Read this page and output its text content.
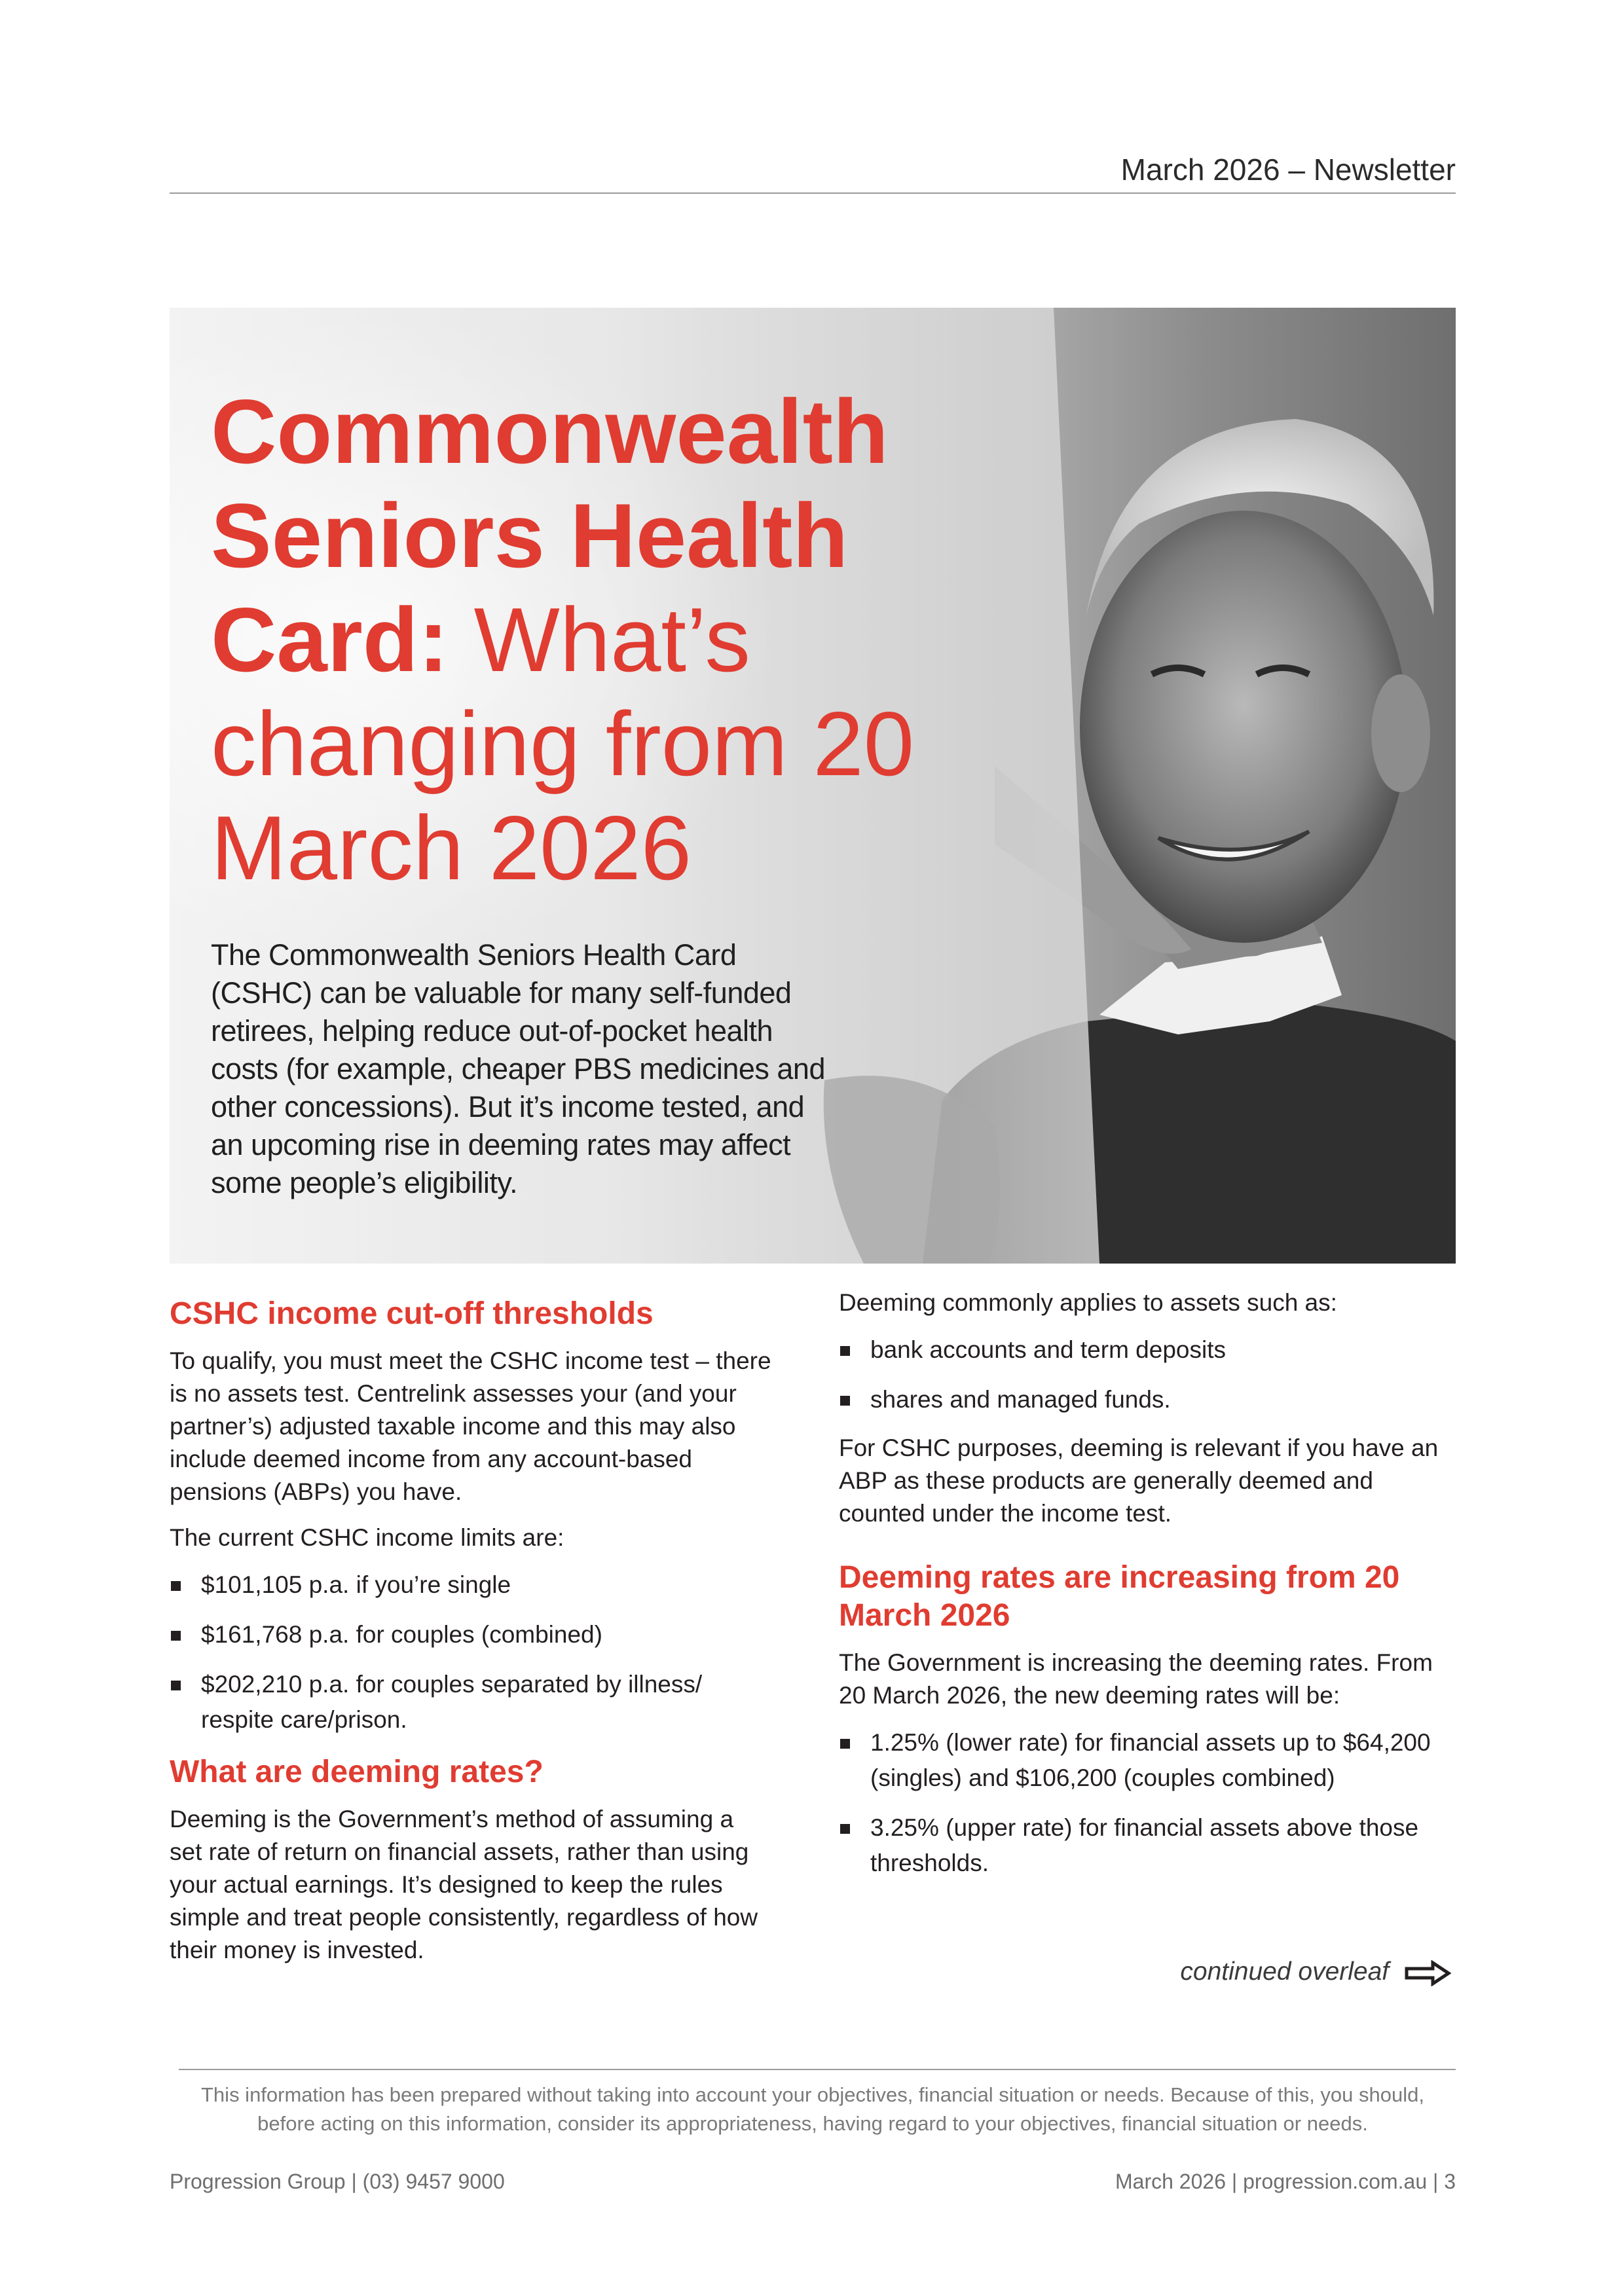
March 2026 – Newsletter
Commonwealth Seniors Health Card: What’s changing from 20 March 2026

The Commonwealth Seniors Health Card (CSHC) can be valuable for many self-funded retirees, helping reduce out-of-pocket health costs (for example, cheaper PBS medicines and other concessions). But it’s income tested, and an upcoming rise in deeming rates may affect some people’s eligibility.

CSHC income cut-off thresholds

To qualify, you must meet the CSHC income test – there is no assets test. Centrelink assesses your (and your partner’s) adjusted taxable income and this may also include deemed income from any account-based pensions (ABPs) you have.

The current CSHC income limits are:

$101,105 p.a. if you’re single
$161,768 p.a. for couples (combined)
$202,210 p.a. for couples separated by illness/ respite care/prison.
What are deeming rates?

Deeming is the Government’s method of assuming a set rate of return on financial assets, rather than using your actual earnings. It’s designed to keep the rules simple and treat people consistently, regardless of how their money is invested.

Deeming commonly applies to assets such as:

bank accounts and term deposits
shares and managed funds.

For CSHC purposes, deeming is relevant if you have an ABP as these products are generally deemed and counted under the income test.

Deeming rates are increasing from 20 March 2026

The Government is increasing the deeming rates. From 20 March 2026, the new deeming rates will be:

1.25% (lower rate) for financial assets up to $64,200 (singles) and $106,200 (couples combined)
3.25% (upper rate) for financial assets above those thresholds.
continued overleaf
This information has been prepared without taking into account your objectives, financial situation or needs. Because of this, you should, before acting on this information, consider its appropriateness, having regard to your objectives, financial situation or needs.
Progression Group | (03) 9457 9000	March 2026 | progression.com.au | 3
